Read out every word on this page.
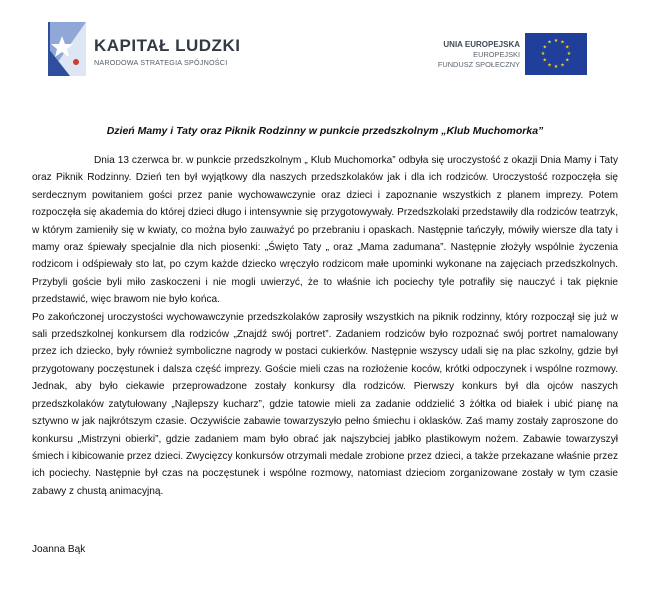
KAPITAŁ LUDZKI
NARODOWA STRATEGIA SPÓJNOŚCI
UNIA EUROPEJSKA
EUROPEJSKI
FUNDUSZ SPOŁECZNY
★ ★
★
★
★
★
★
★
★
★
★
★
Dzień Mamy i Taty oraz Piknik Rodzinny w punkcie przedszkolnym „Klub Muchomorka”

Dnia 13 czerwca br. w punkcie przedszkolnym „ Klub Muchomorka” odbyła się uroczystość z okazji Dnia Mamy i Taty oraz Piknik Rodzinny. Dzień ten był wyjątkowy dla naszych przedszkolaków jak i dla ich rodziców. Uroczystość rozpoczęła się serdecznym powitaniem gości przez panie wychowawczynie oraz dzieci i zapoznanie wszystkich z planem imprezy. Potem rozpoczęła się akademia do której dzieci długo i intensywnie się przygotowywały. Przedszkolaki przedstawiły dla rodziców teatrzyk, w którym zamieniły się w kwiaty, co można było zauważyć po przebraniu i opaskach. Następnie tańczyły, mówiły wiersze dla taty i mamy oraz śpiewały specjalnie dla nich piosenki: „Święto Taty „ oraz „Mama zadumana”. Następnie złożyły wspólnie życzenia rodzicom i odśpiewały sto lat, po czym każde dziecko wręczyło rodzicom małe upominki wykonane na zajęciach przedszkolnych. Przybyli goście byli miło zaskoczeni i nie mogli uwierzyć, że to właśnie ich pociechy tyle potrafiły się nauczyć i tak pięknie przedstawić, więc brawom nie było końca.

Po zakończonej uroczystości wychowawczynie przedszkolaków zaprosiły wszystkich na piknik rodzinny, który rozpoczął się już w sali przedszkolnej konkursem dla rodziców „Znajdź swój portret”. Zadaniem rodziców było rozpoznać swój portret namalowany przez ich dziecko, były również symboliczne nagrody w postaci cukierków. Następnie wszyscy udali się na plac szkolny, gdzie był przygotowany poczęstunek i dalsza część imprezy. Goście mieli czas na rozłożenie koców, krótki odpoczynek i wspólne rozmowy. Jednak, aby było ciekawie przeprowadzone zostały konkursy dla rodziców. Pierwszy konkurs był dla ojców naszych przedszkolaków zatytułowany „Najlepszy kucharz”, gdzie tatowie mieli za zadanie oddzielić 3 żółtka od białek i ubić pianę na sztywno w jak najkrótszym czasie. Oczywiście zabawie towarzyszyło pełno śmiechu i oklasków. Zaś mamy zostały zaproszone do konkursu „Mistrzyni obierki”, gdzie zadaniem mam było obrać jak najszybciej jabłko plastikowym nożem. Zabawie towarzyszył śmiech i kibicowanie przez dzieci. Zwycięzcy konkursów otrzymali medale zrobione przez dzieci, a także przekazane właśnie przez ich pociechy. Następnie był czas na poczęstunek i wspólne rozmowy, natomiast dzieciom zorganizowane zostały w tym czasie zabawy z chustą animacyjną.

Joanna Bąk
